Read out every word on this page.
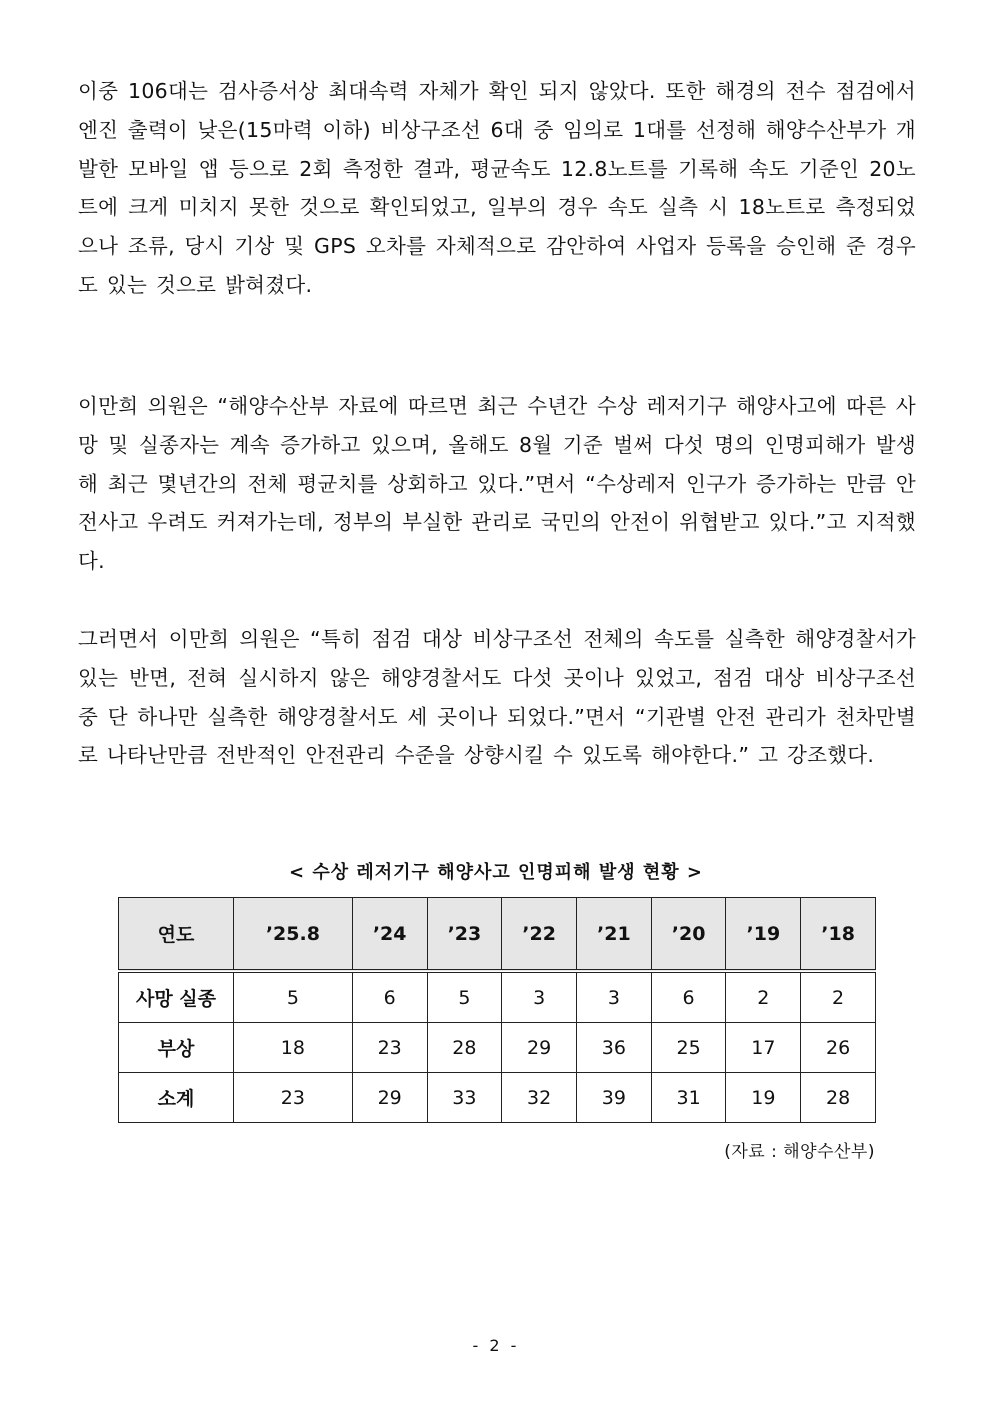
이중 106대는 검사증서상 최대속력 자체가 확인 되지 않았다. 또한 해경의 전수 점검에서 엔진 출력이 낮은(15마력 이하) 비상구조선 6대 중 임의로 1대를 선정해 해양수산부가 개발한 모바일 앱 등으로 2회 측정한 결과, 평균속도 12.8노트를 기록해 속도 기준인 20노트에 크게 미치지 못한 것으로 확인되었고, 일부의 경우 속도 실측 시 18노트로 측정되었으나 조류, 당시 기상 및 GPS 오차를 자체적으로 감안하여 사업자 등록을 승인해 준 경우도 있는 것으로 밝혀졌다.

이만희 의원은 “해양수산부 자료에 따르면 최근 수년간 수상 레저기구 해양사고에 따른 사망 및 실종자는 계속 증가하고 있으며, 올해도 8월 기준 벌써 다섯 명의 인명피해가 발생해 최근 몇년간의 전체 평균치를 상회하고 있다.”면서 “수상레저 인구가 증가하는 만큼 안전사고 우려도 커져가는데, 정부의 부실한 관리로 국민의 안전이 위협받고 있다.”고 지적했다.

그러면서 이만희 의원은 “특히 점검 대상 비상구조선 전체의 속도를 실측한 해양경찰서가 있는 반면, 전혀 실시하지 않은 해양경찰서도 다섯 곳이나 있었고, 점검 대상 비상구조선 중 단 하나만 실측한 해양경찰서도 세 곳이나 되었다.”면서 “기관별 안전 관리가 천차만별로 나타난만큼 전반적인 안전관리 수준을 상향시킬 수 있도록 해야한다.” 고 강조했다.

< 수상 레저기구 해양사고 인명피해 발생 현황 >
연도	’25.8	’24	’23	’22	’21	’20	’19	’18
사망 실종	5	6	5	3	3	6	2	2
부상	18	23	28	29	36	25	17	26
소계	23	29	33	32	39	31	19	28
(자료 : 해양수산부)
- 2 -
